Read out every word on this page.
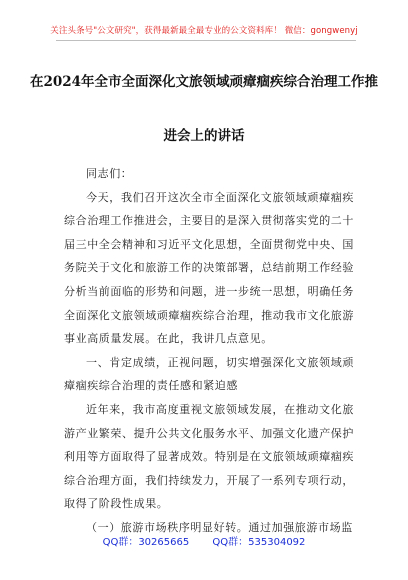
关注头条号"公文研究"，获得最新最全最专业的公文资料库！ 微信：gongwenyj
在2024年全市全面深化文旅领域顽瘴痼疾综合治理工作推
进会上的讲话

同志们：

今天，我们召开这次全市全面深化文旅领域顽瘴痼疾综合治理工作推进会，主要目的是深入贯彻落实党的二十届三中全会精神和习近平文化思想，全面贯彻党中央、国务院关于文化和旅游工作的决策部署，总结前期工作经验分析当前面临的形势和问题，进一步统一思想，明确任务全面深化文旅领域顽瘴痼疾综合治理，推动我市文化旅游事业高质量发展。在此，我讲几点意见。

一、肯定成绩，正视问题，切实增强深化文旅领域顽瘴痼疾综合治理的责任感和紧迫感

近年来，我市高度重视文旅领域发展，在推动文化旅游产业繁荣、提升公共文化服务水平、加强文化遗产保护利用等方面取得了显著成效。特别是在文旅领域顽瘴痼疾综合治理方面，我们持续发力，开展了一系列专项行动，取得了阶段性成果。

（一）旅游市场秩序明显好转。通过加强旅游市场监

QQ群：30265665 QQ群：535304092
